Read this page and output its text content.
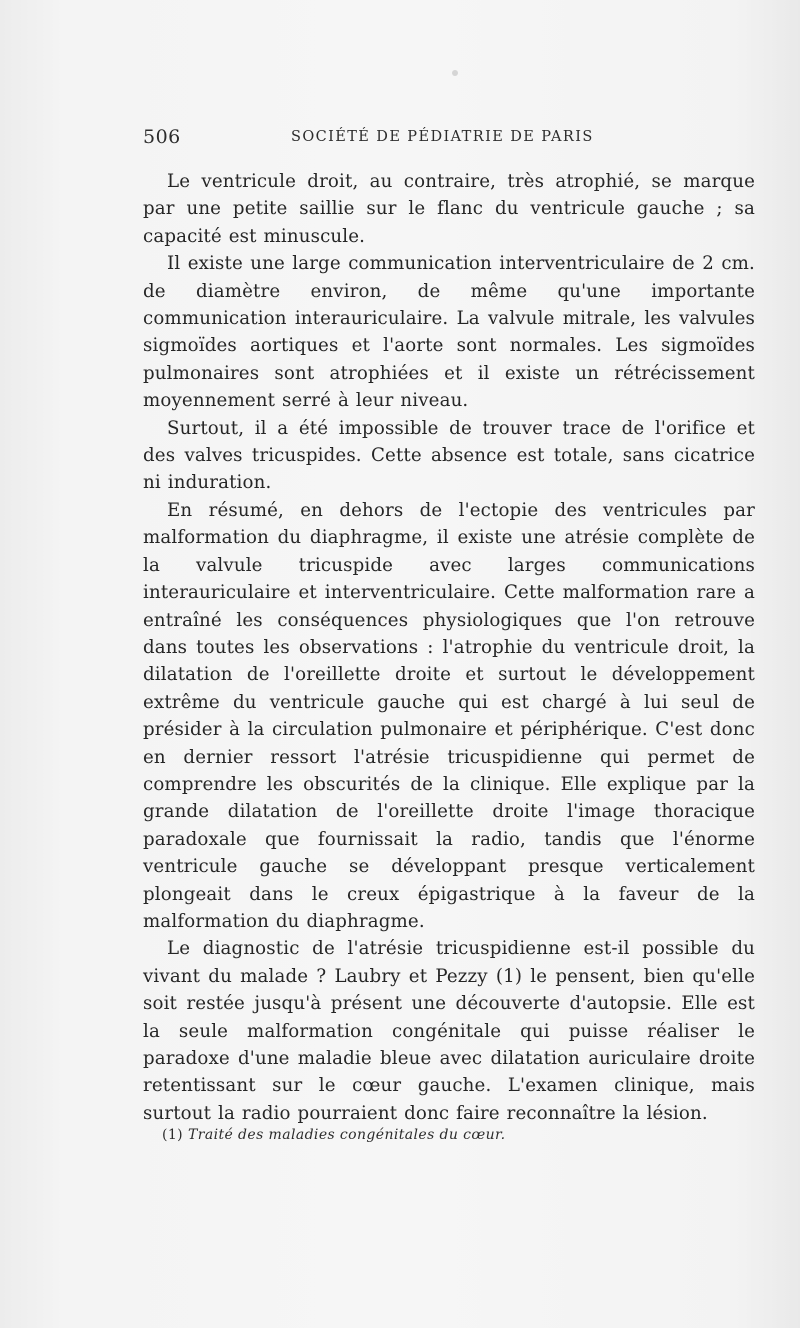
506	SOCIÉTÉ DE PÉDIATRIE DE PARIS

Le ventricule droit, au contraire, très atrophié, se marque par une petite saillie sur le flanc du ventricule gauche ; sa capacité est minuscule.

Il existe une large communication interventriculaire de 2 cm. de diamètre environ, de même qu'une importante communication interauriculaire. La valvule mitrale, les valvules sigmoïdes aortiques et l'aorte sont normales. Les sigmoïdes pulmonaires sont atrophiées et il existe un rétrécissement moyennement serré à leur niveau.

Surtout, il a été impossible de trouver trace de l'orifice et des valves tricuspides. Cette absence est totale, sans cicatrice ni induration.

En résumé, en dehors de l'ectopie des ventricules par malformation du diaphragme, il existe une atrésie complète de la valvule tricuspide avec larges communications interauriculaire et interventriculaire. Cette malformation rare a entraîné les conséquences physiologiques que l'on retrouve dans toutes les observations : l'atrophie du ventricule droit, la dilatation de l'oreillette droite et surtout le développement extrême du ventricule gauche qui est chargé à lui seul de présider à la circulation pulmonaire et périphérique. C'est donc en dernier ressort l'atrésie tricuspidienne qui permet de comprendre les obscurités de la clinique. Elle explique par la grande dilatation de l'oreillette droite l'image thoracique paradoxale que fournissait la radio, tandis que l'énorme ventricule gauche se développant presque verticalement plongeait dans le creux épigastrique à la faveur de la malformation du diaphragme.

Le diagnostic de l'atrésie tricuspidienne est-il possible du vivant du malade ? Laubry et Pezzy (1) le pensent, bien qu'elle soit restée jusqu'à présent une découverte d'autopsie. Elle est la seule malformation congénitale qui puisse réaliser le paradoxe d'une maladie bleue avec dilatation auriculaire droite retentissant sur le cœur gauche. L'examen clinique, mais surtout la radio pourraient donc faire reconnaître la lésion.

(1) Traité des maladies congénitales du cœur.
